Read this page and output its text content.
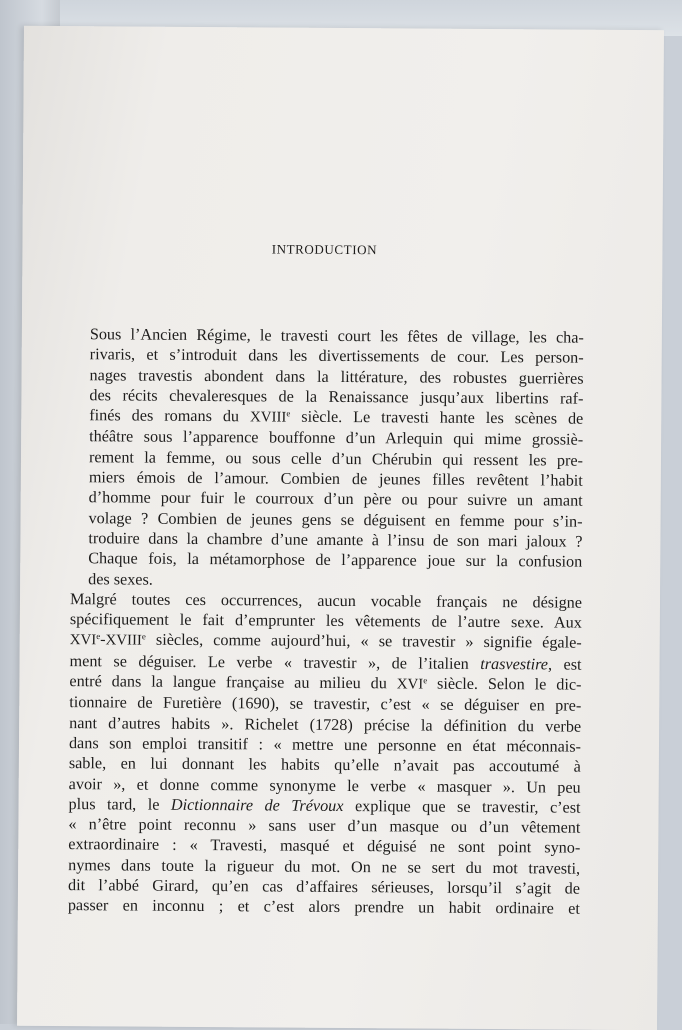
INTRODUCTION

Sous l’Ancien Régime, le travesti court les fêtes de village, les cha-
rivaris, et s’introduit dans les divertissements de cour. Les person-
nages travestis abondent dans la littérature, des robustes guerrières
des récits chevaleresques de la Renaissance jusqu’aux libertins raf-
finés des romans du XVIIIe siècle. Le travesti hante les scènes de
théâtre sous l’apparence bouffonne d’un Arlequin qui mime grossiè-
rement la femme, ou sous celle d’un Chérubin qui ressent les pre-
miers émois de l’amour. Combien de jeunes filles revêtent l’habit
d’homme pour fuir le courroux d’un père ou pour suivre un amant
volage ? Combien de jeunes gens se déguisent en femme pour s’in-
troduire dans la chambre d’une amante à l’insu de son mari jaloux ?
Chaque fois, la métamorphose de l’apparence joue sur la confusion
des sexes.

Malgré toutes ces occurrences, aucun vocable français ne désigne
spécifiquement le fait d’emprunter les vêtements de l’autre sexe. Aux
XVIe-XVIIIe siècles, comme aujourd’hui, « se travestir » signifie égale-
ment se déguiser. Le verbe « travestir », de l’italien trasvestire, est
entré dans la langue française au milieu du XVIe siècle. Selon le dic-
tionnaire de Furetière (1690), se travestir, c’est « se déguiser en pre-
nant d’autres habits ». Richelet (1728) précise la définition du verbe
dans son emploi transitif : « mettre une personne en état méconnais-
sable, en lui donnant les habits qu’elle n’avait pas accoutumé à
avoir », et donne comme synonyme le verbe « masquer ». Un peu
plus tard, le Dictionnaire de Trévoux explique que se travestir, c’est
« n’être point reconnu » sans user d’un masque ou d’un vêtement
extraordinaire : « Travesti, masqué et déguisé ne sont point syno-
nymes dans toute la rigueur du mot. On ne se sert du mot travesti,
dit l’abbé Girard, qu’en cas d’affaires sérieuses, lorsqu’il s’agit de
passer en inconnu ; et c’est alors prendre un habit ordinaire et
